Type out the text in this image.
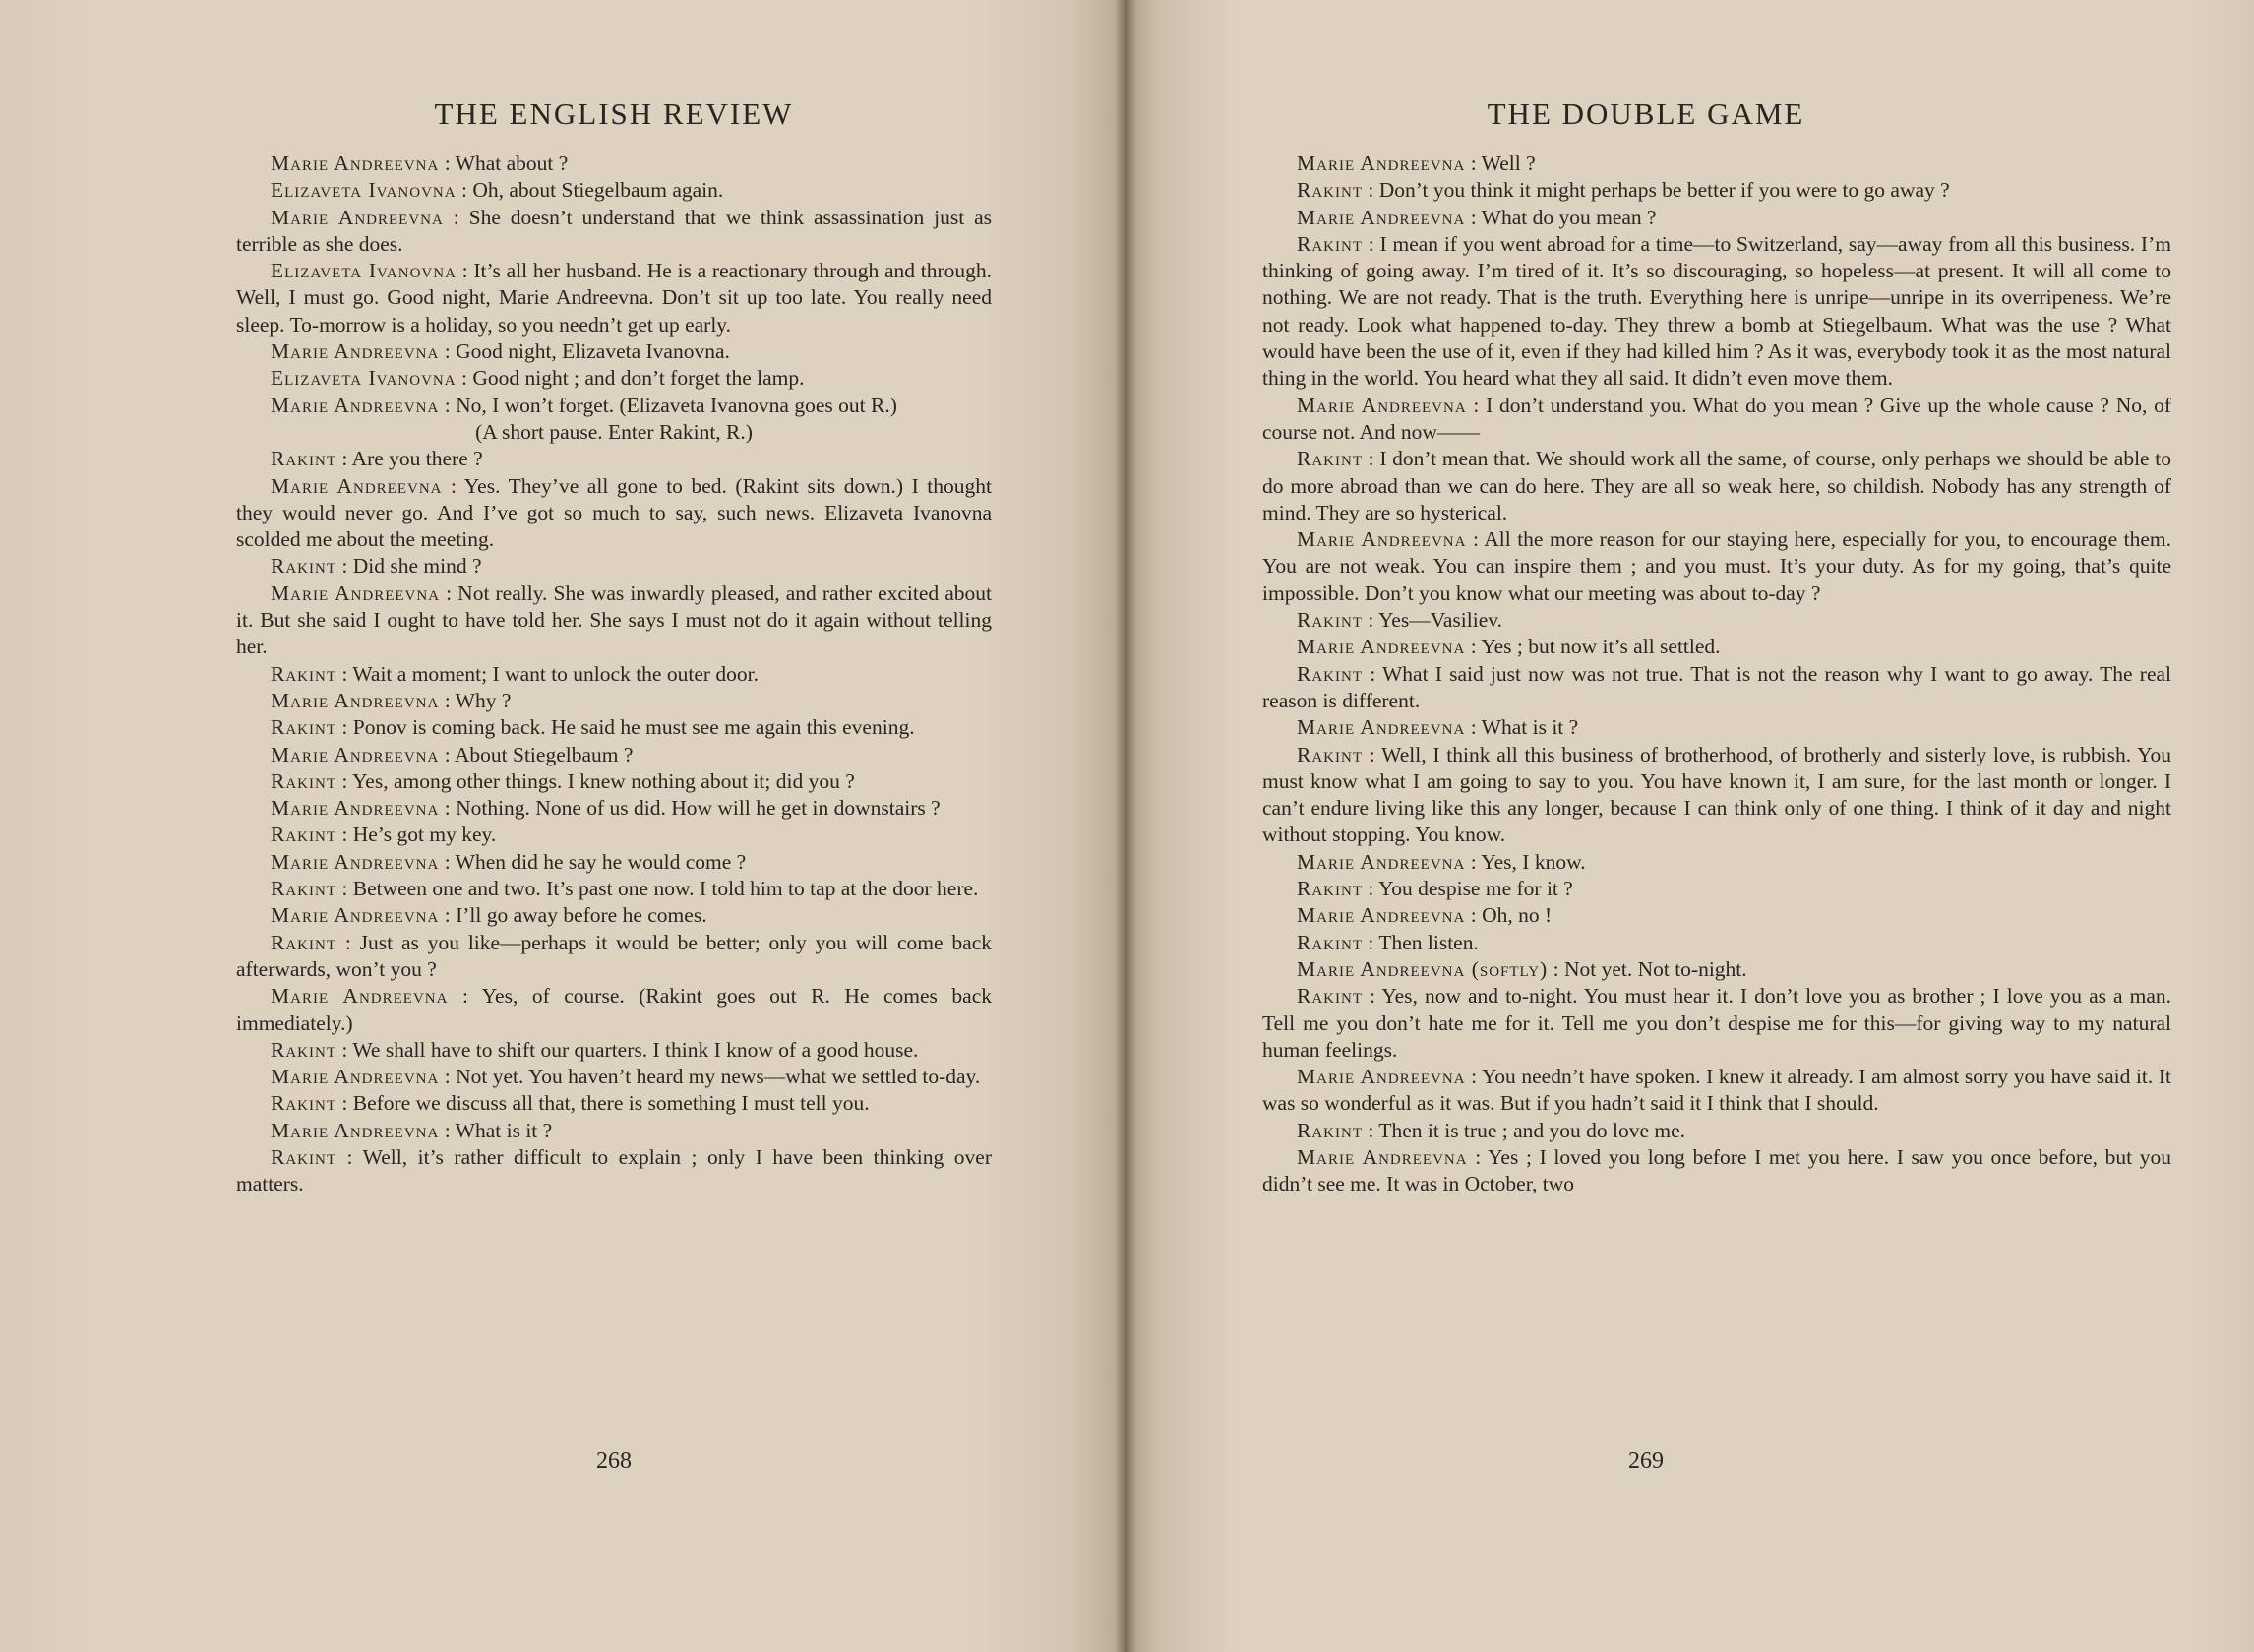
THE ENGLISH REVIEW

Marie Andreevna : What about ?

Elizaveta Ivanovna : Oh, about Stiegelbaum again.

Marie Andreevna : She doesn’t understand that we think assassination just as terrible as she does.

Elizaveta Ivanovna : It’s all her husband. He is a reactionary through and through. Well, I must go. Good night, Marie Andreevna. Don’t sit up too late. You really need sleep. To-morrow is a holiday, so you needn’t get up early.

Marie Andreevna : Good night, Elizaveta Ivanovna.

Elizaveta Ivanovna : Good night ; and don’t forget the lamp.

Marie Andreevna : No, I won’t forget. (Elizaveta Ivanovna goes out R.)

(A short pause. Enter Rakint, R.)

Rakint : Are you there ?

Marie Andreevna : Yes. They’ve all gone to bed. (Rakint sits down.) I thought they would never go. And I’ve got so much to say, such news. Elizaveta Ivanovna scolded me about the meeting.

Rakint : Did she mind ?

Marie Andreevna : Not really. She was inwardly pleased, and rather excited about it. But she said I ought to have told her. She says I must not do it again without telling her.

Rakint : Wait a moment; I want to unlock the outer door.

Marie Andreevna : Why ?

Rakint : Ponov is coming back. He said he must see me again this evening.

Marie Andreevna : About Stiegelbaum ?

Rakint : Yes, among other things. I knew nothing about it; did you ?

Marie Andreevna : Nothing. None of us did. How will he get in downstairs ?

Rakint : He’s got my key.

Marie Andreevna : When did he say he would come ?

Rakint : Between one and two. It’s past one now. I told him to tap at the door here.

Marie Andreevna : I’ll go away before he comes.

Rakint : Just as you like—perhaps it would be better; only you will come back afterwards, won’t you ?

Marie Andreevna : Yes, of course. (Rakint goes out R. He comes back immediately.)

Rakint : We shall have to shift our quarters. I think I know of a good house.

Marie Andreevna : Not yet. You haven’t heard my news—what we settled to-day.

Rakint : Before we discuss all that, there is something I must tell you.

Marie Andreevna : What is it ?

Rakint : Well, it’s rather difficult to explain ; only I have been thinking over matters.

268

THE DOUBLE GAME

Marie Andreevna : Well ?

Rakint : Don’t you think it might perhaps be better if you were to go away ?

Marie Andreevna : What do you mean ?

Rakint : I mean if you went abroad for a time—to Switzerland, say—away from all this business. I’m thinking of going away. I’m tired of it. It’s so discouraging, so hopeless—at present. It will all come to nothing. We are not ready. That is the truth. Everything here is unripe—unripe in its overripeness. We’re not ready. Look what happened to-day. They threw a bomb at Stiegelbaum. What was the use ? What would have been the use of it, even if they had killed him ? As it was, everybody took it as the most natural thing in the world. You heard what they all said. It didn’t even move them.

Marie Andreevna : I don’t understand you. What do you mean ? Give up the whole cause ? No, of course not. And now——

Rakint : I don’t mean that. We should work all the same, of course, only perhaps we should be able to do more abroad than we can do here. They are all so weak here, so childish. Nobody has any strength of mind. They are so hysterical.

Marie Andreevna : All the more reason for our staying here, especially for you, to encourage them. You are not weak. You can inspire them ; and you must. It’s your duty. As for my going, that’s quite impossible. Don’t you know what our meeting was about to-day ?

Rakint : Yes—Vasiliev.

Marie Andreevna : Yes ; but now it’s all settled.

Rakint : What I said just now was not true. That is not the reason why I want to go away. The real reason is different.

Marie Andreevna : What is it ?

Rakint : Well, I think all this business of brotherhood, of brotherly and sisterly love, is rubbish. You must know what I am going to say to you. You have known it, I am sure, for the last month or longer. I can’t endure living like this any longer, because I can think only of one thing. I think of it day and night without stopping. You know.

Marie Andreevna : Yes, I know.

Rakint : You despise me for it ?

Marie Andreevna : Oh, no !

Rakint : Then listen.

Marie Andreevna (softly) : Not yet. Not to-night.

Rakint : Yes, now and to-night. You must hear it. I don’t love you as brother ; I love you as a man. Tell me you don’t hate me for it. Tell me you don’t despise me for this—for giving way to my natural human feelings.

Marie Andreevna : You needn’t have spoken. I knew it already. I am almost sorry you have said it. It was so wonderful as it was. But if you hadn’t said it I think that I should.

Rakint : Then it is true ; and you do love me.

Marie Andreevna : Yes ; I loved you long before I met you here. I saw you once before, but you didn’t see me. It was in October, two

269
